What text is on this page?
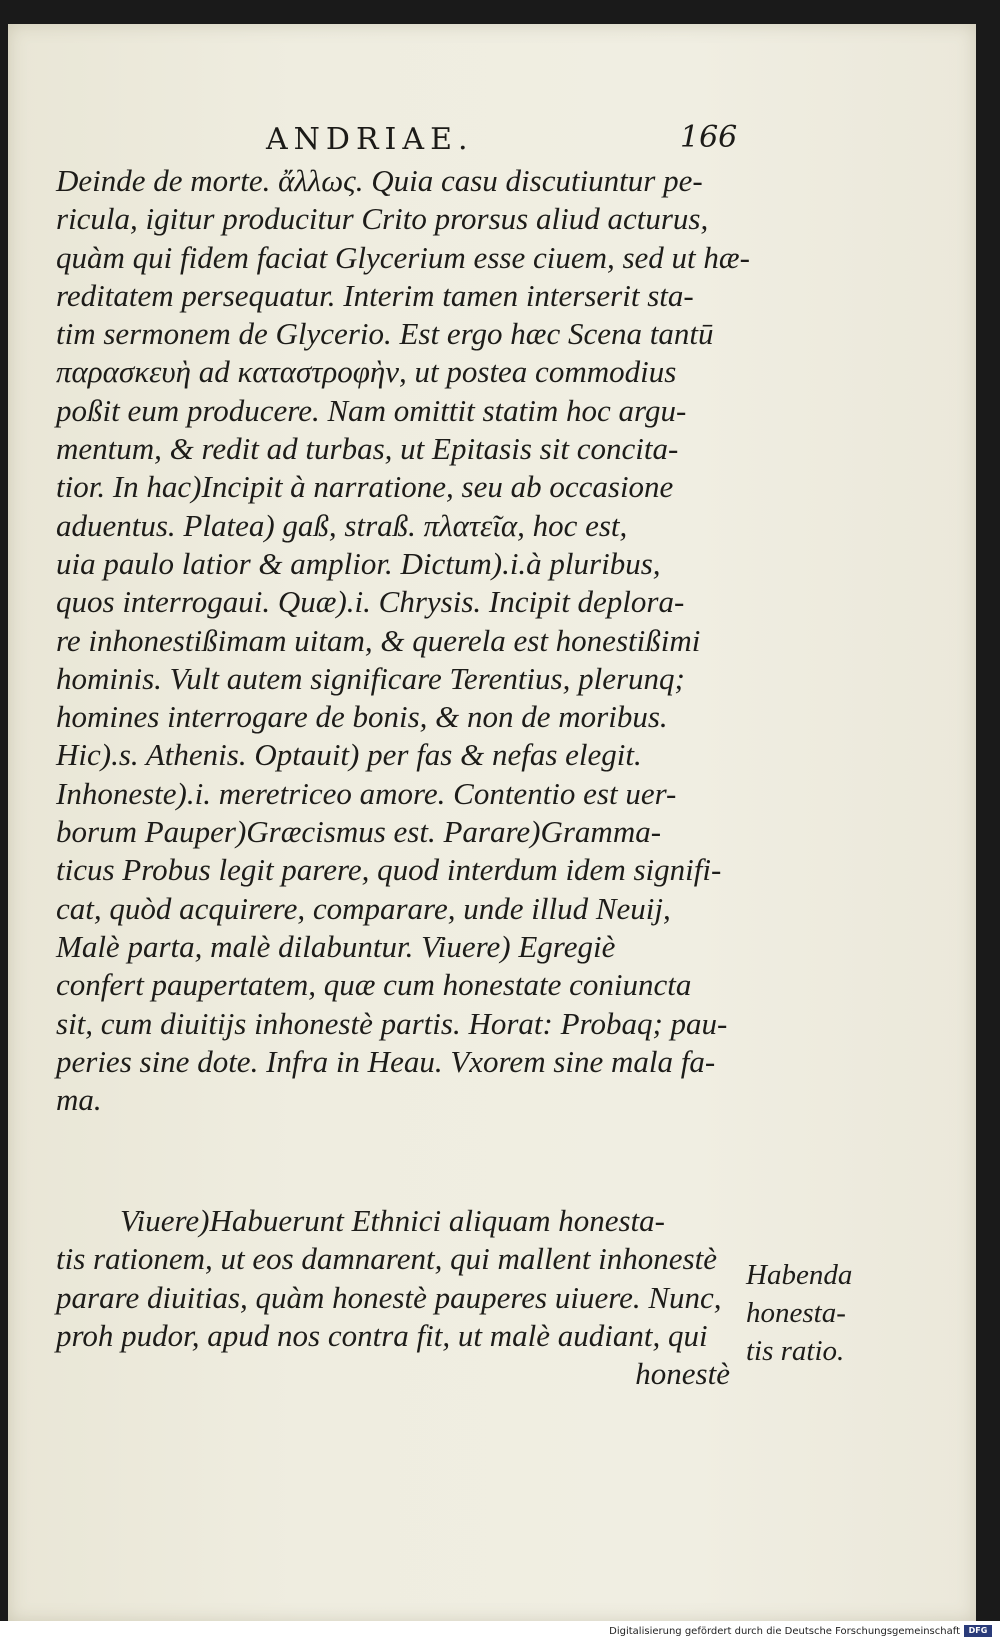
ANDRIAE.	166
Deinde de morte. ἄλλως. Quia casu discutiuntur pe-
ricula, igitur producitur Crito prorsus aliud acturus,
quàm qui fidem faciat Glycerium esse ciuem, sed ut hæ-
reditatem persequatur. Interim tamen interserit sta-
tim sermonem de Glycerio. Est ergo hæc Scena tantū
παρασκευὴ ad καταστροφὴν, ut postea commodius
poßit eum producere. Nam omittit statim hoc argu-
mentum, & redit ad turbas, ut Epitasis sit concita-
tior. In hac)Incipit à narratione, seu ab occasione
aduentus. Platea) gaß, straß. πλατεῖα, hoc est,
uia paulo latior & amplior. Dictum).i.à pluribus,
quos interrogaui. Quæ).i. Chrysis. Incipit deplora-
re inhonestißimam uitam, & querela est honestißimi
hominis. Vult autem significare Terentius, plerunq;
homines interrogare de bonis, & non de moribus.
Hic).s. Athenis. Optauit) per fas & nefas elegit.
Inhoneste).i. meretriceo amore. Contentio est uer-
borum Pauper)Græcismus est. Parare)Gramma-
ticus Probus legit parere, quod interdum idem signifi-
cat, quòd acquirere, comparare, unde illud Neuij,
Malè parta, malè dilabuntur. Viuere) Egregiè
confert paupertatem, quæ cum honestate coniuncta
sit, cum diuitijs inhonestè partis. Horat: Probaq; pau-
peries sine dote. Infra in Heau. Vxorem sine mala fa-
ma.
Viuere)Habuerunt Ethnici aliquam honesta-
tis rationem, ut eos damnarent, qui mallent inhonestè
parare diuitias, quàm honestè pauperes uiuere. Nunc,
proh pudor, apud nos contra fit, ut malè audiant, qui
honestè
Habenda
honesta-
tis ratio.
Digitalisierung gefördert durch die Deutsche Forschungsgemeinschaft	DFG
